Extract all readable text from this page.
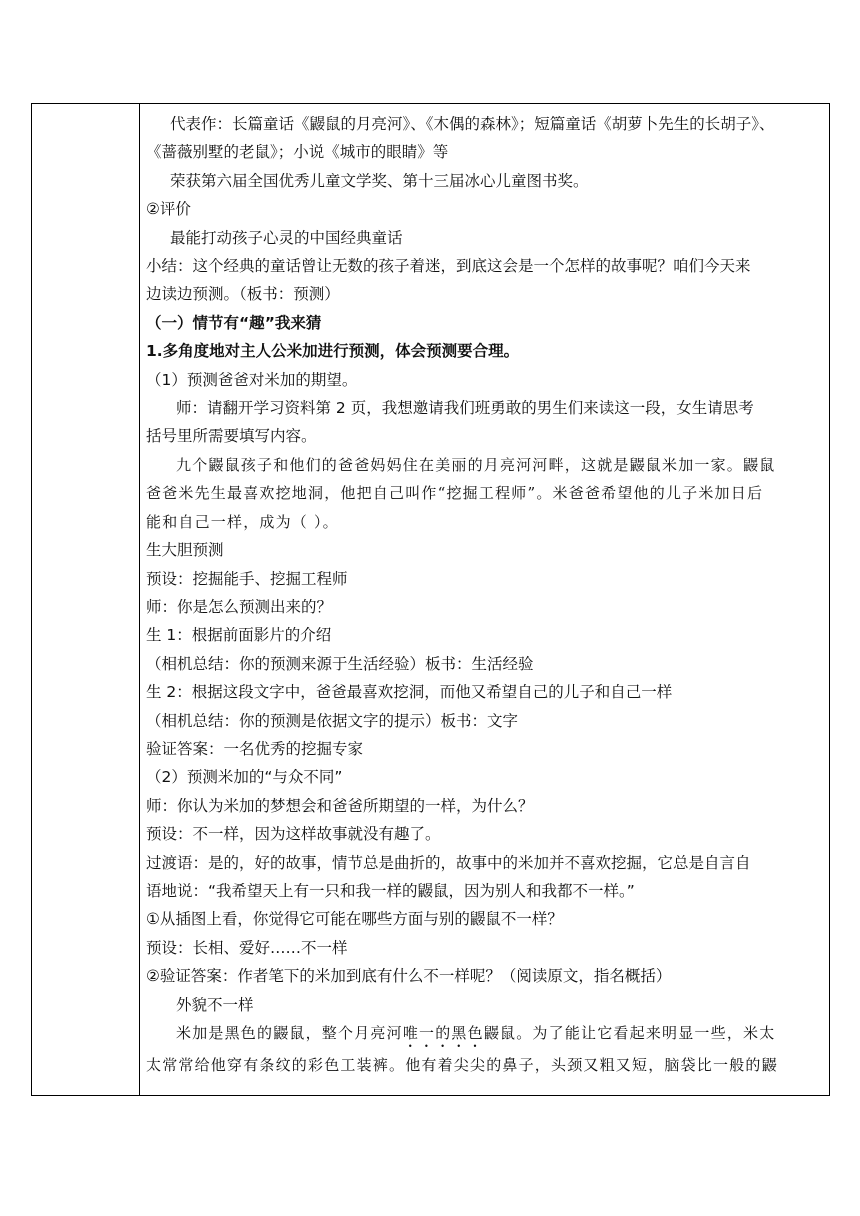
代表作：长篇童话《鼹鼠的月亮河》、《木偶的森林》；短篇童话《胡萝卜先生的长胡子》、
《蔷薇别墅的老鼠》；小说《城市的眼睛》等
荣获第六届全国优秀儿童文学奖、第十三届冰心儿童图书奖。
②评价
最能打动孩子心灵的中国经典童话
小结：这个经典的童话曾让无数的孩子着迷，到底这会是一个怎样的故事呢？咱们今天来
边读边预测。（板书：预测）
（一）情节有“趣”我来猜
1.多角度地对主人公米加进行预测，体会预测要合理。
（1）预测爸爸对米加的期望。
师：请翻开学习资料第 2 页，我想邀请我们班勇敢的男生们来读这一段，女生请思考
括号里所需要填写内容。
九个鼹鼠孩子和他们的爸爸妈妈住在美丽的月亮河河畔，这就是鼹鼠米加一家。鼹鼠
爸爸米先生最喜欢挖地洞，他把自己叫作“挖掘工程师”。米爸爸希望他的儿子米加日后
能和自己一样，成为（ ）。
生大胆预测
预设：挖掘能手、挖掘工程师
师：你是怎么预测出来的？
生 1：根据前面影片的介绍
（相机总结：你的预测来源于生活经验）板书：生活经验
生 2：根据这段文字中，爸爸最喜欢挖洞，而他又希望自己的儿子和自己一样
（相机总结：你的预测是依据文字的提示）板书：文字
验证答案：一名优秀的挖掘专家
（2）预测米加的“与众不同”
师：你认为米加的梦想会和爸爸所期望的一样，为什么？
预设：不一样，因为这样故事就没有趣了。
过渡语：是的，好的故事，情节总是曲折的，故事中的米加并不喜欢挖掘，它总是自言自
语地说：“我希望天上有一只和我一样的鼹鼠，因为别人和我都不一样。”
①从插图上看，你觉得它可能在哪些方面与别的鼹鼠不一样？
预设：长相、爱好……不一样
②验证答案：作者笔下的米加到底有什么不一样呢？（阅读原文，指名概括）
外貌不一样
米加是黑色的鼹鼠，整个月亮河唯一的黑色鼹鼠。为了能让它看起来明显一些，米太
太常常给他穿有条纹的彩色工装裤。他有着尖尖的鼻子，头颈又粗又短，脑袋比一般的鼹
